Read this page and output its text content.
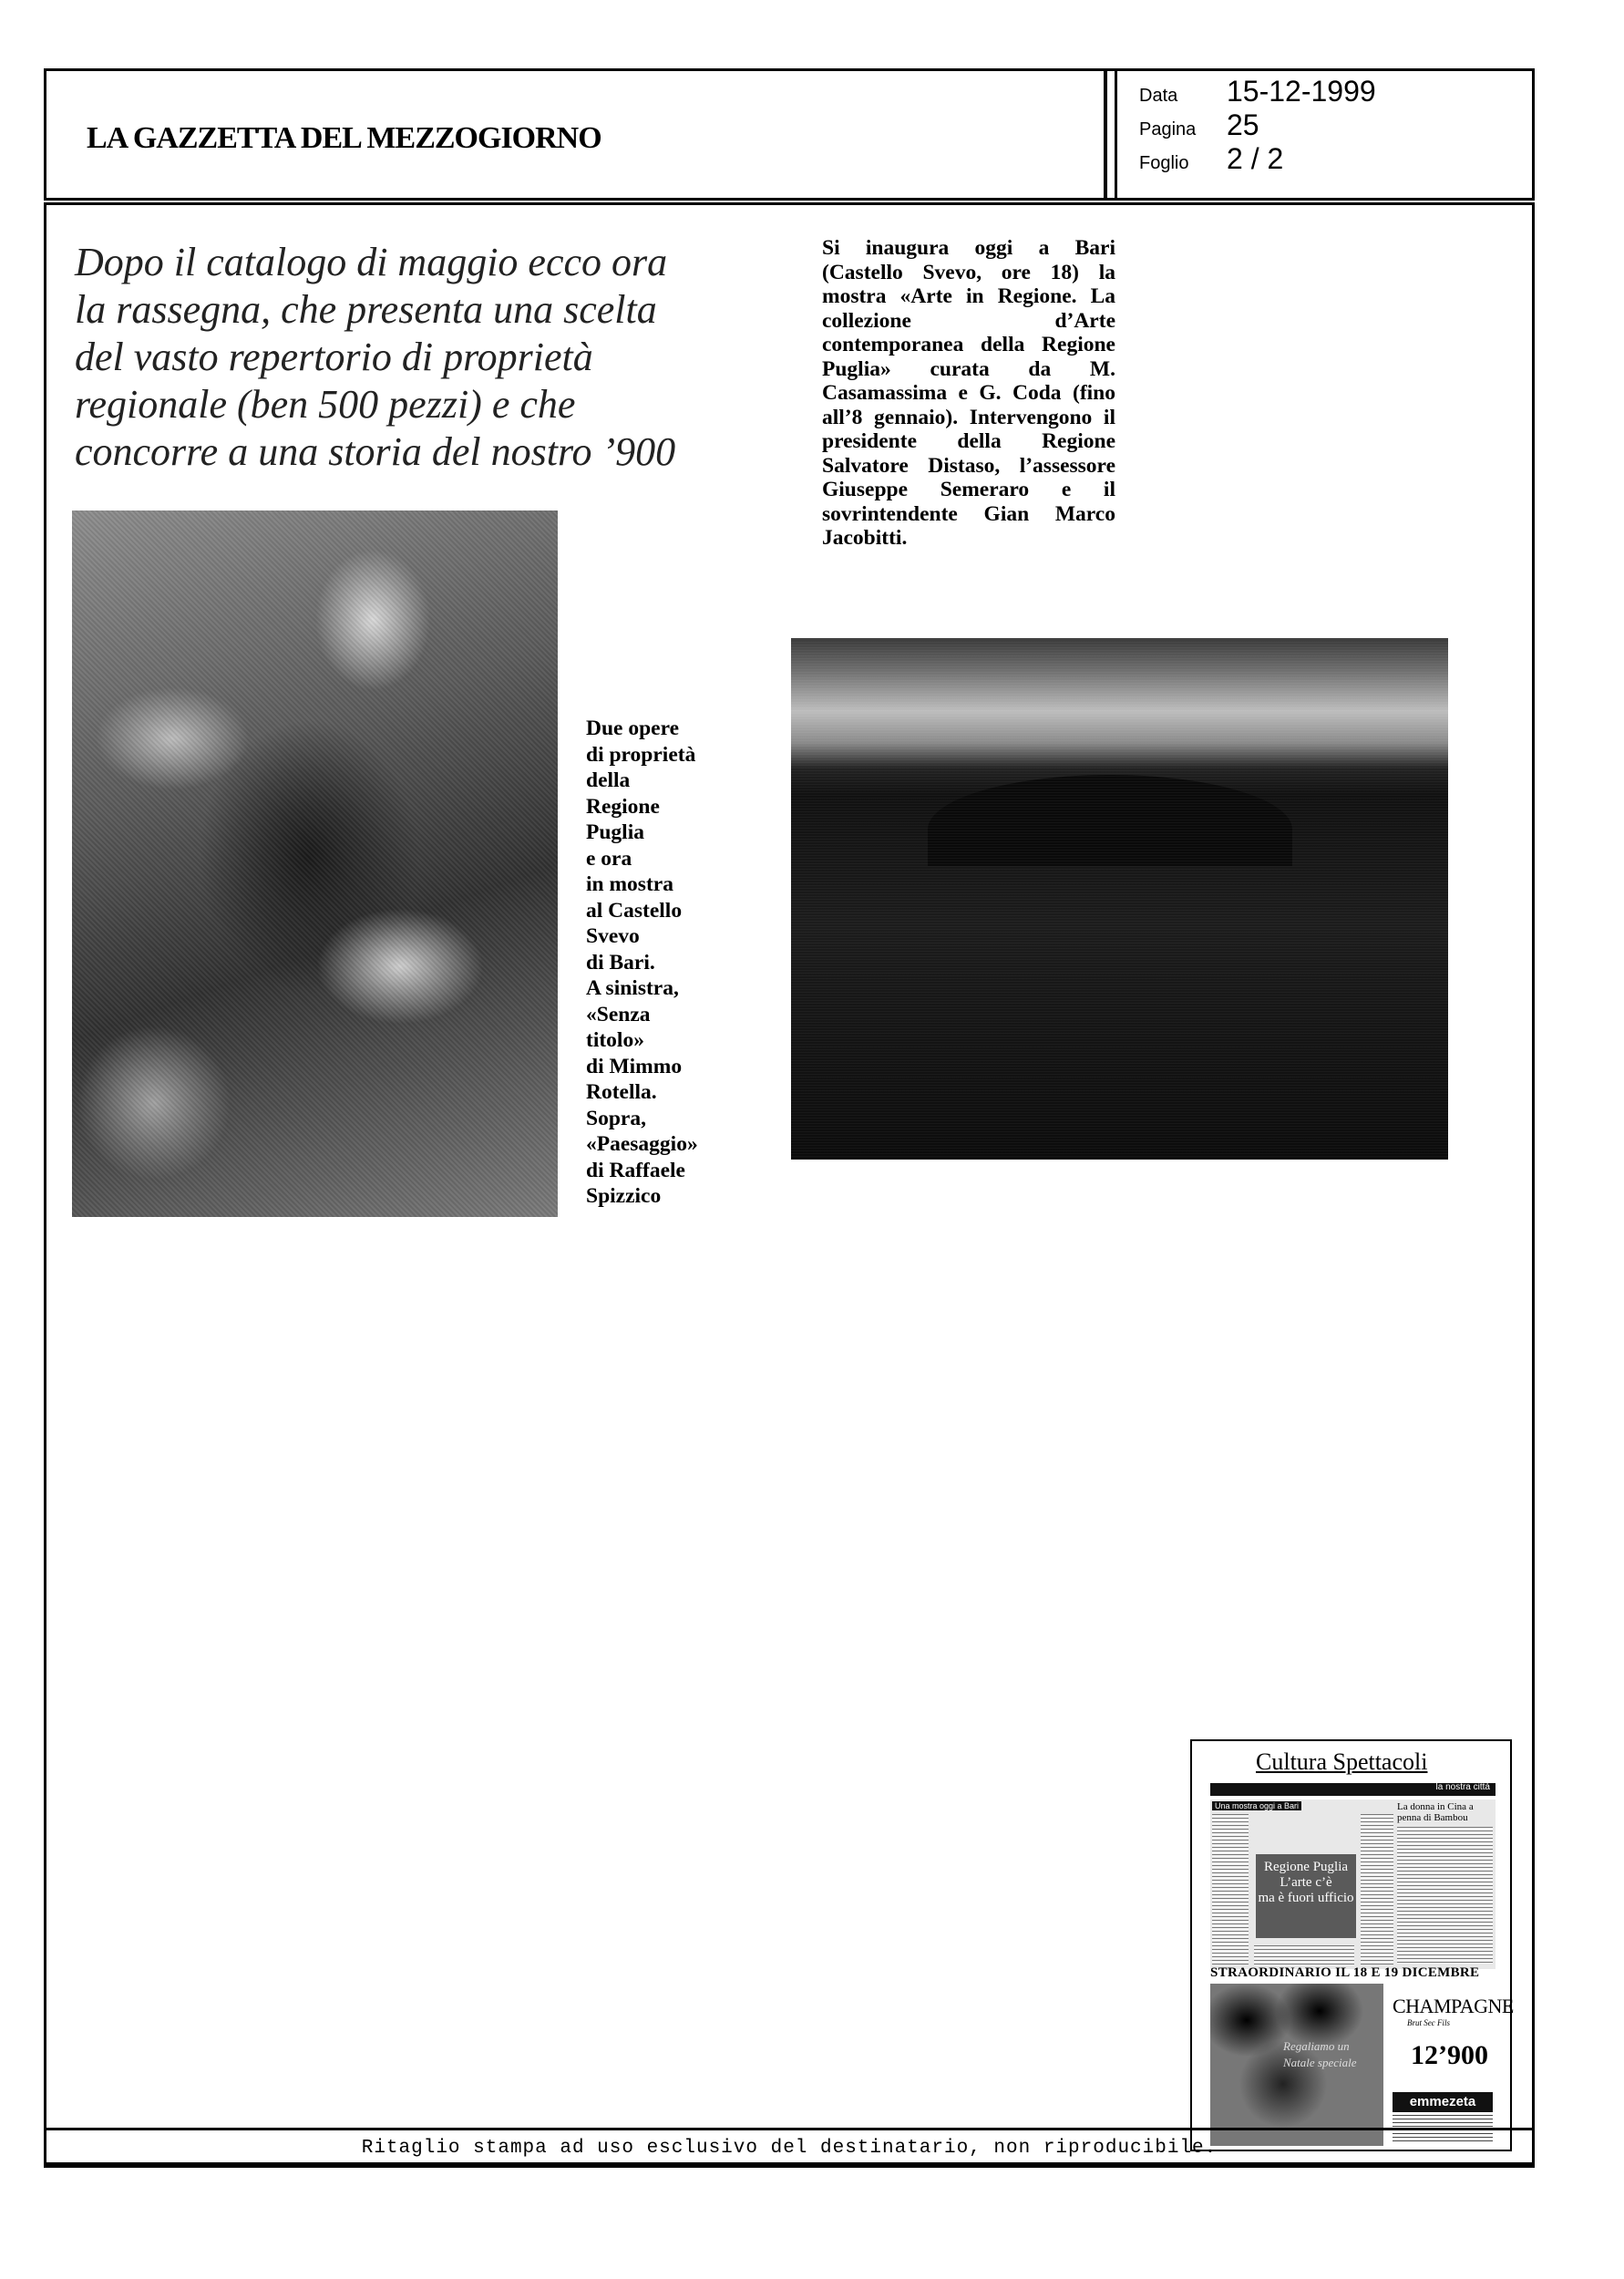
LA GAZZETTA DEL MEZZOGIORNO
Data 15-12-1999
Pagina 25
Foglio 2 / 2
Dopo il catalogo di maggio ecco ora
la rassegna, che presenta una scelta
del vasto repertorio di proprietà
regionale (ben 500 pezzi) e che
concorre a una storia del nostro ’900
Si inaugura oggi a Bari (Castello Svevo, ore 18) la mostra «Arte in Regione. La collezione d’Arte contemporanea della Regione Puglia» curata da M. Casamassima e G. Coda (fino all’8 gennaio). Intervengono il presidente della Regione Salvatore Distaso, l’assessore Giuseppe Semeraro e il sovrintendente Gian Marco Jacobitti.
Due opere
di proprietà
della
Regione
Puglia
e ora
in mostra
al Castello
Svevo
di Bari.
A sinistra,
«Senza
titolo»
di Mimmo
Rotella.
Sopra,
«Paesaggio»
di Raffaele
Spizzico
Cultura Spettacoli
la nostra città
Una mostra oggi a Bari
Regione Puglia
L’arte c’è
ma è fuori ufficio
La donna in Cina a penna di Bambou
STRAORDINARIO IL 18 E 19 DICEMBRE
Regaliamo un Natale speciale
CHAMPAGNE
Brut Sec Fils
12’900
emmezeta
Ritaglio stampa ad uso esclusivo del destinatario, non riproducibile.
